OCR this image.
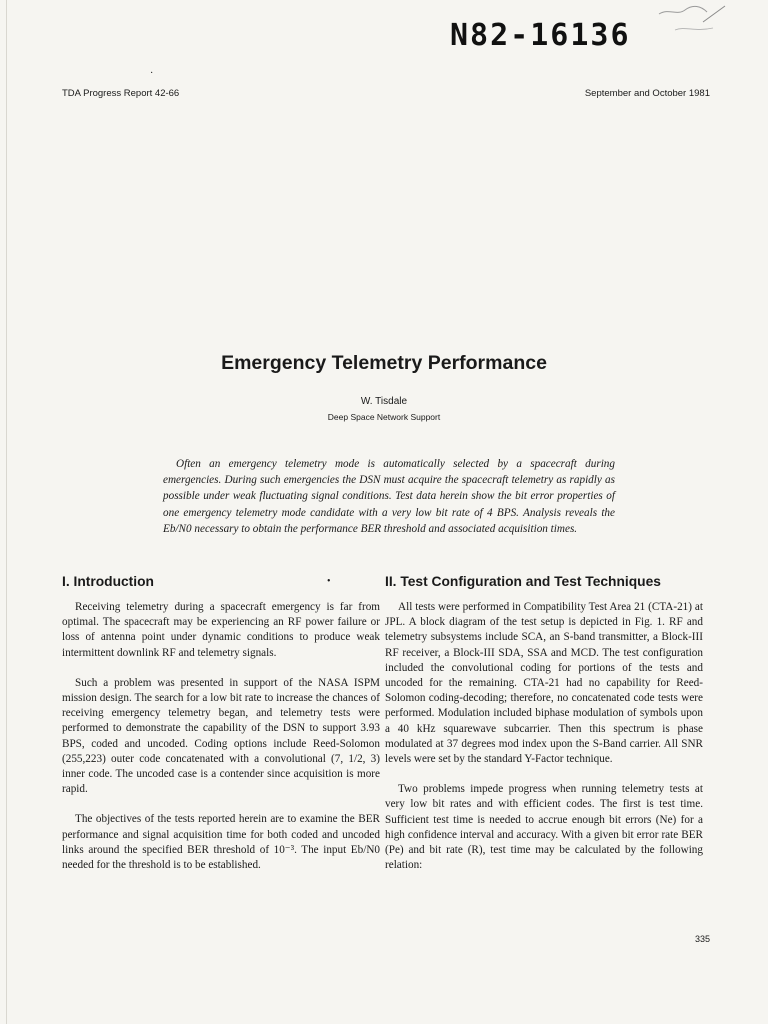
N82-16136
TDA Progress Report 42-66	September and October 1981
·
Emergency Telemetry Performance
W. Tisdale
Deep Space Network Support

Often an emergency telemetry mode is automatically selected by a spacecraft during emergencies. During such emergencies the DSN must acquire the spacecraft telemetry as rapidly as possible under weak fluctuating signal conditions. Test data herein show the bit error properties of one emergency telemetry mode candidate with a very low bit rate of 4 BPS. Analysis reveals the Eb/N0 necessary to obtain the performance BER threshold and associated acquisition times.

I. Introduction

Receiving telemetry during a spacecraft emergency is far from optimal. The spacecraft may be experiencing an RF power failure or loss of antenna point under dynamic conditions to produce weak intermittent downlink RF and telemetry signals.

Such a problem was presented in support of the NASA ISPM mission design. The search for a low bit rate to increase the chances of receiving emergency telemetry began, and telemetry tests were performed to demonstrate the capability of the DSN to support 3.93 BPS, coded and uncoded. Coding options include Reed-Solomon (255,223) outer code concatenated with a convolutional (7, 1/2, 3) inner code. The uncoded case is a contender since acquisition is more rapid.

The objectives of the tests reported herein are to examine the BER performance and signal acquisition time for both coded and uncoded links around the specified BER threshold of 10⁻³. The input Eb/N0 needed for the threshold is to be established.

•	II. Test Configuration and Test Techniques

All tests were performed in Compatibility Test Area 21 (CTA-21) at JPL. A block diagram of the test setup is depicted in Fig. 1. RF and telemetry subsystems include SCA, an S-band transmitter, a Block-III RF receiver, a Block-III SDA, SSA and MCD. The test configuration included the convolutional coding for portions of the tests and uncoded for the remaining. CTA-21 had no capability for Reed-Solomon coding-decoding; therefore, no concatenated code tests were performed. Modulation included biphase modulation of symbols upon a 40 kHz squarewave subcarrier. Then this spectrum is phase modulated at 37 degrees mod index upon the S-Band carrier. All SNR levels were set by the standard Y-Factor technique.

Two problems impede progress when running telemetry tests at very low bit rates and with efficient codes. The first is test time. Sufficient test time is needed to accrue enough bit errors (Ne) for a high confidence interval and accuracy. With a given bit error rate BER (Pe) and bit rate (R), test time may be calculated by the following relation:

335
